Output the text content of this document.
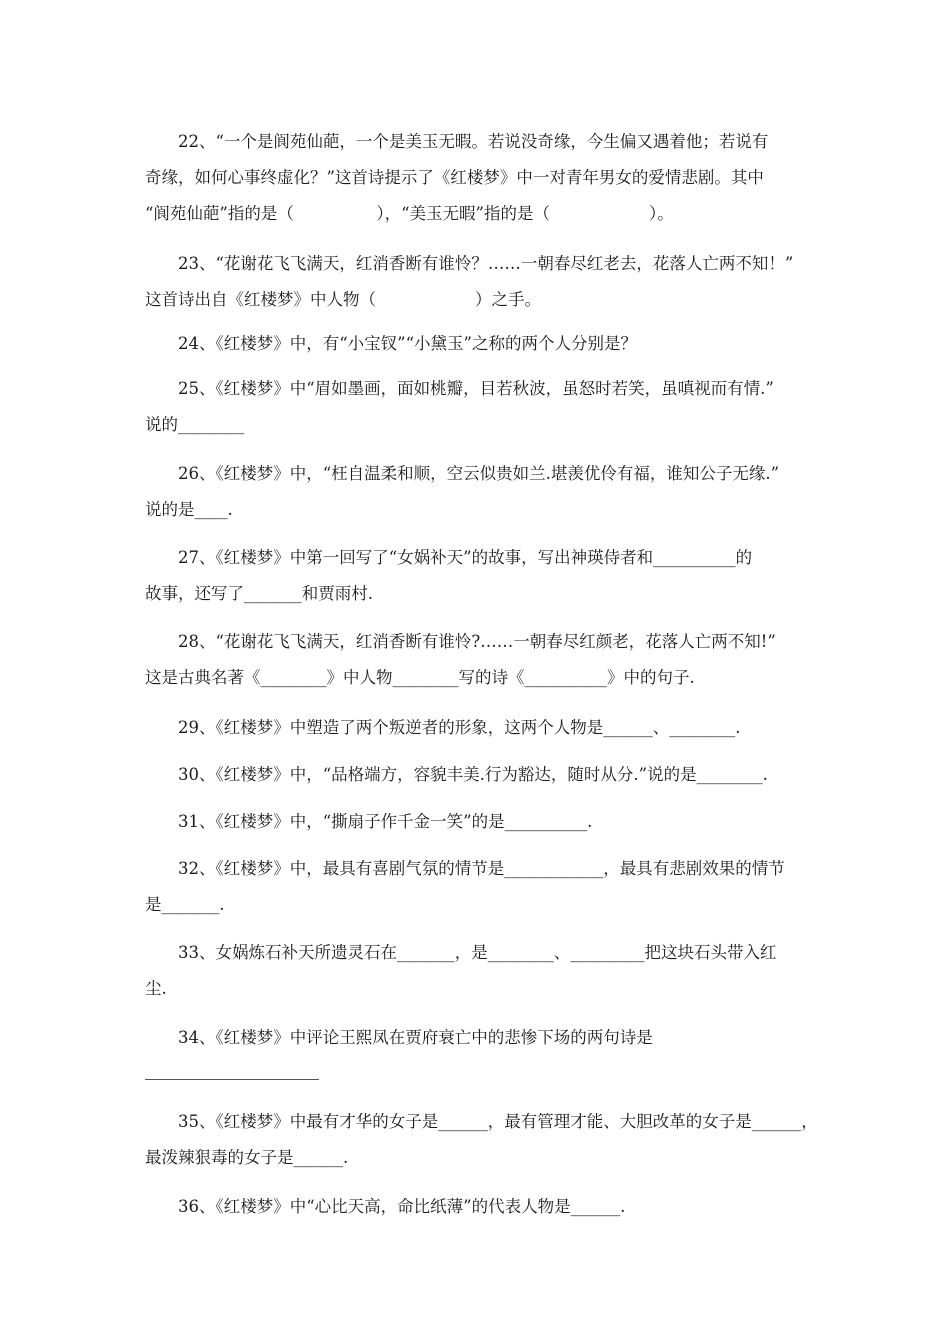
22、“一个是阆苑仙葩，一个是美玉无暇。若说没奇缘，今生偏又遇着他；若说有
奇缘，如何心事终虚化？”这首诗提示了《红楼梦》中一对青年男女的爱情悲剧。其中
“阆苑仙葩”指的是（　　　　　），“美玉无暇”指的是（　　　　　　）。
23、“花谢花飞飞满天，红消香断有谁怜？……一朝春尽红老去，花落人亡两不知！”
这首诗出自《红楼梦》中人物（　　　　　　）之手。
24、《红楼梦》中，有“小宝钗”“小黛玉”之称的两个人分别是？
25、《红楼梦》中“眉如墨画，面如桃瓣，目若秋波，虽怒时若笑，虽嗔视而有情.”
说的________
26、《红楼梦》中，“枉自温柔和顺，空云似贵如兰.堪羡优伶有福，谁知公子无缘.”
说的是____.
27、《红楼梦》中第一回写了“女娲补天”的故事，写出神瑛侍者和__________的
故事，还写了_______和贾雨村.
28、“花谢花飞飞满天，红消香断有谁怜?……一朝春尽红颜老，花落人亡两不知!”
这是古典名著《________》中人物________写的诗《__________》中的句子.
29、《红楼梦》中塑造了两个叛逆者的形象，这两个人物是______、________.
30、《红楼梦》中，“品格端方，容貌丰美.行为豁达，随时从分.”说的是________.
31、《红楼梦》中，“撕扇子作千金一笑”的是__________.
32、《红楼梦》中，最具有喜剧气氛的情节是____________，最具有悲剧效果的情节
是_______.
33、女娲炼石补天所遗灵石在_______，是________、_________把这块石头带入红
尘.
34、《红楼梦》中评论王熙凤在贾府衰亡中的悲惨下场的两句诗是
35、《红楼梦》中最有才华的女子是______，最有管理才能、大胆改革的女子是______，
最泼辣狠毒的女子是______.
36、《红楼梦》中“心比天高，命比纸薄”的代表人物是______.
